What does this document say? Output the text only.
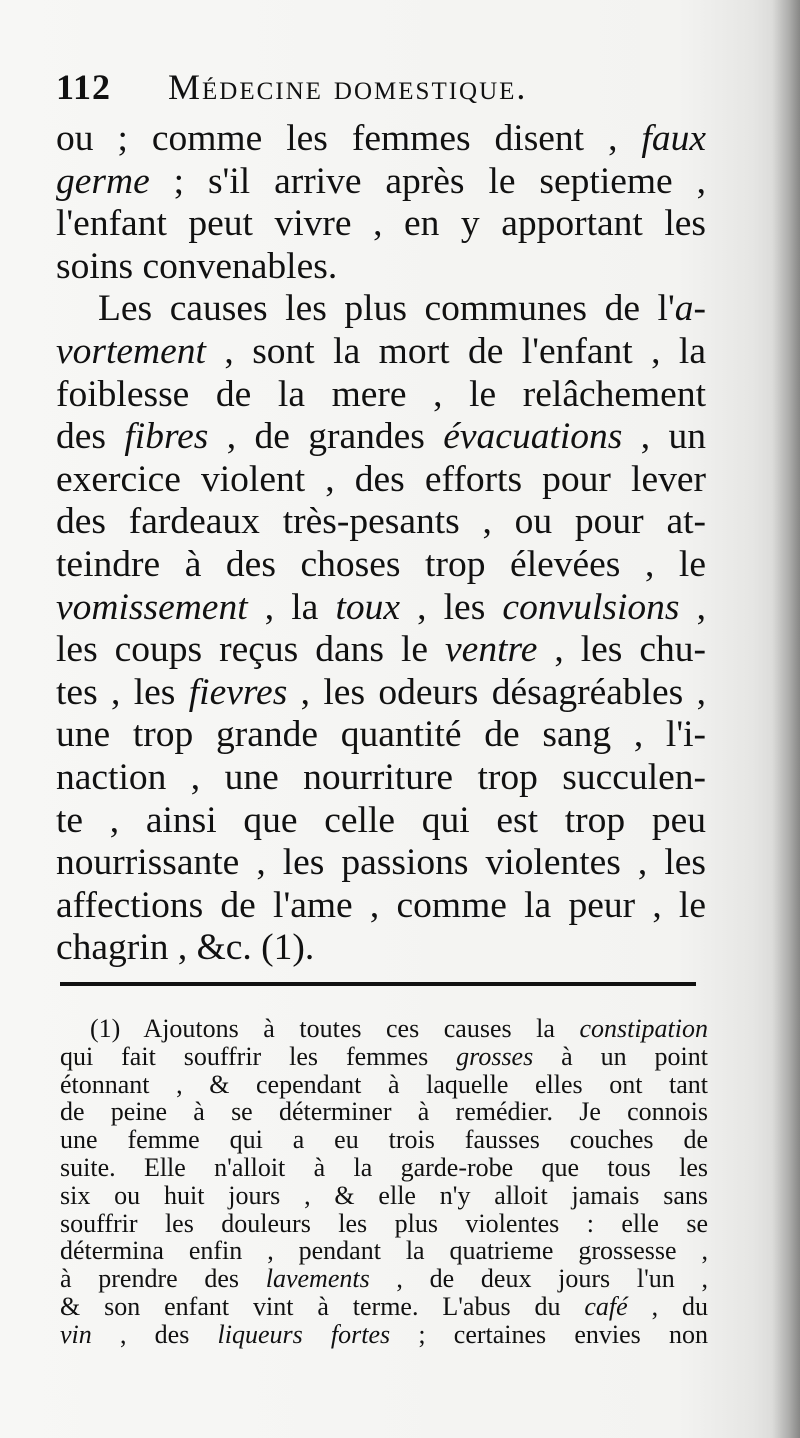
112 Médecine domestique.
ou ; comme les femmes disent , faux
germe ; s'il arrive après le septieme ,
l'enfant peut vivre , en y apportant les
soins convenables.
Les causes les plus communes de l'a-
vortement , sont la mort de l'enfant , la
foiblesse de la mere , le relâchement
des fibres , de grandes évacuations , un
exercice violent , des efforts pour lever
des fardeaux très-pesants , ou pour at-
teindre à des choses trop élevées , le
vomissement , la toux , les convulsions ,
les coups reçus dans le ventre , les chu-
tes , les fievres , les odeurs désagréables ,
une trop grande quantité de sang , l'i-
naction , une nourriture trop succulen-
te , ainsi que celle qui est trop peu
nourrissante , les passions violentes , les
affections de l'ame , comme la peur , le
chagrin , &c. (1).
(1) Ajoutons à toutes ces causes la constipation
qui fait souffrir les femmes grosses à un point
étonnant , & cependant à laquelle elles ont tant
de peine à se déterminer à remédier. Je connois
une femme qui a eu trois fausses couches de
suite. Elle n'alloit à la garde-robe que tous les
six ou huit jours , & elle n'y alloit jamais sans
souffrir les douleurs les plus violentes : elle se
détermina enfin , pendant la quatrieme grossesse ,
à prendre des lavements , de deux jours l'un ,
& son enfant vint à terme. L'abus du café , du
vin , des liqueurs fortes ; certaines envies non
